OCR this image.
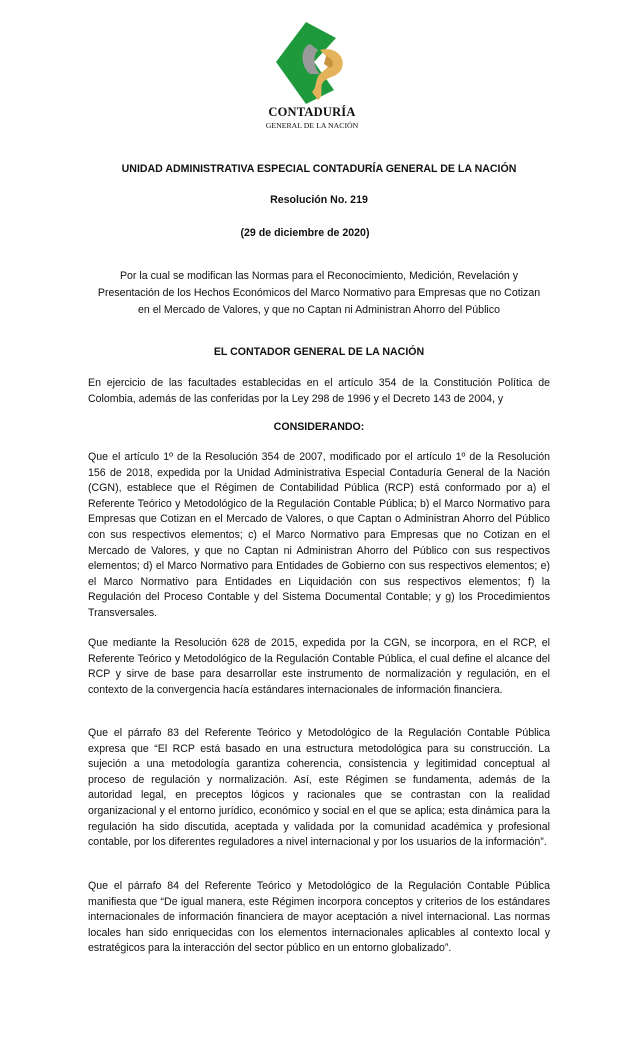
CONTADURÍA
GENERAL DE LA NACIÓN
UNIDAD ADMINISTRATIVA ESPECIAL CONTADURÍA GENERAL DE LA NACIÓN
Resolución No. 219
(29 de diciembre de 2020)
Por la cual se modifican las Normas para el Reconocimiento, Medición, Revelación y Presentación de los Hechos Económicos del Marco Normativo para Empresas que no Cotizan en el Mercado de Valores, y que no Captan ni Administran Ahorro del Público
EL CONTADOR GENERAL DE LA NACIÓN

En ejercicio de las facultades establecidas en el artículo 354 de la Constitución Política de Colombia, además de las conferidas por la Ley 298 de 1996 y el Decreto 143 de 2004, y

CONSIDERANDO:

Que el artículo 1º de la Resolución 354 de 2007, modificado por el artículo 1º de la Resolución 156 de 2018, expedida por la Unidad Administrativa Especial Contaduría General de la Nación (CGN), establece que el Régimen de Contabilidad Pública (RCP) está conformado por a) el Referente Teórico y Metodológico de la Regulación Contable Pública; b) el Marco Normativo para Empresas que Cotizan en el Mercado de Valores, o que Captan o Administran Ahorro del Público con sus respectivos elementos; c) el Marco Normativo para Empresas que no Cotizan en el Mercado de Valores, y que no Captan ni Administran Ahorro del Público con sus respectivos elementos; d) el Marco Normativo para Entidades de Gobierno con sus respectivos elementos; e) el Marco Normativo para Entidades en Liquidación con sus respectivos elementos; f) la Regulación del Proceso Contable y del Sistema Documental Contable; y g) los Procedimientos Transversales.

Que mediante la Resolución 628 de 2015, expedida por la CGN, se incorpora, en el RCP, el Referente Teórico y Metodológico de la Regulación Contable Pública, el cual define el alcance del RCP y sirve de base para desarrollar este instrumento de normalización y regulación, en el contexto de la convergencia hacía estándares internacionales de información financiera.

Que el párrafo 83 del Referente Teórico y Metodológico de la Regulación Contable Pública expresa que “El RCP está basado en una estructura metodológica para su construcción. La sujeción a una metodología garantiza coherencia, consistencia y legitimidad conceptual al proceso de regulación y normalización. Así, este Régimen se fundamenta, además de la autoridad legal, en preceptos lógicos y racionales que se contrastan con la realidad organizacional y el entorno jurídico, económico y social en el que se aplica; esta dinámica para la regulación ha sido discutida, aceptada y validada por la comunidad académica y profesional contable, por los diferentes reguladores a nivel internacional y por los usuarios de la información”.

Que el párrafo 84 del Referente Teórico y Metodológico de la Regulación Contable Pública manifiesta que “De igual manera, este Régimen incorpora conceptos y criterios de los estándares internacionales de información financiera de mayor aceptación a nivel internacional. Las normas locales han sido enriquecidas con los elementos internacionales aplicables al contexto local y estratégicos para la interacción del sector público en un entorno globalizado”.
